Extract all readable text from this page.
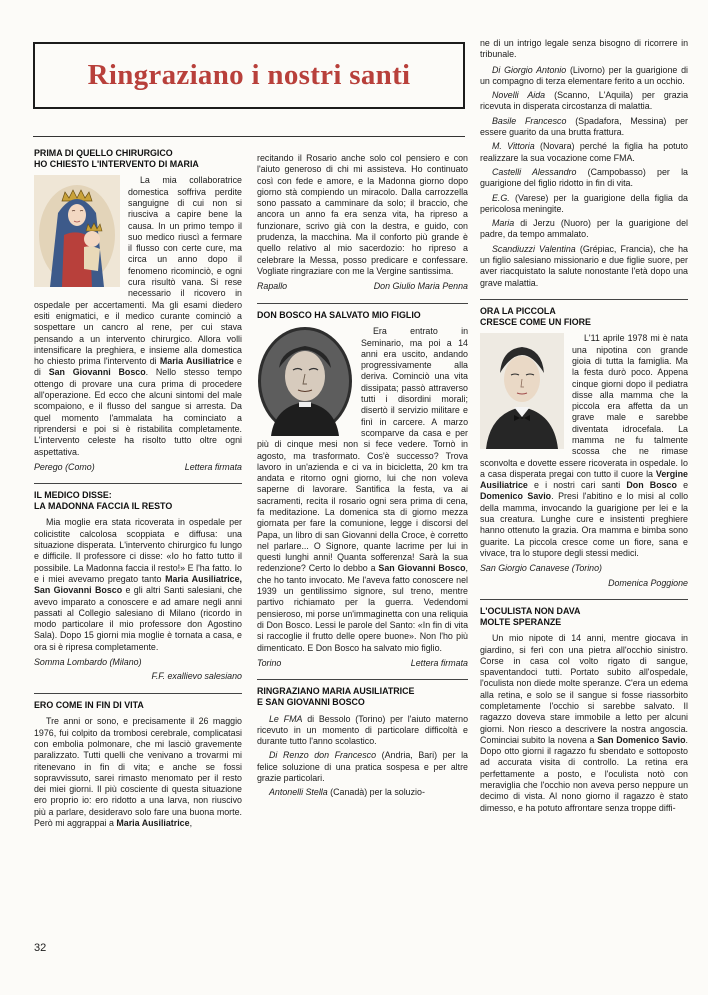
Ringraziano i nostri santi
PRIMA DI QUELLO CHIRURGICO
HO CHIESTO L'INTERVENTO DI MARIA

La mia collaboratrice domestica soffriva perdite sanguigne di cui non si riusciva a capire bene la causa. In un primo tempo il suo medico riuscì a fermare il flusso con certe cure, ma circa un anno dopo il fenomeno ricominciò, e ogni cura risultò vana. Si rese necessario il ricovero in ospedale per accertamenti. Ma gli esami diedero esiti enigmatici, e il medico curante cominciò a sospettare un cancro al rene, per cui stava pensando a un intervento chirurgico. Allora volli intensificare la preghiera, e insieme alla domestica ho chiesto prima l'intervento di Maria Ausiliatrice e di San Giovanni Bosco. Nello stesso tempo ottengo di provare una cura prima di procedere all'operazione. Ed ecco che alcuni sintomi del male scompaiono, e il flusso del sangue si arresta. Da quel momento l'ammalata ha cominciato a riprendersi e poi si è ristabilita completamente. L'intervento celeste ha risolto tutto oltre ogni aspettativa.

Perego (Como)	Lettera firmata
IL MEDICO DISSE:
LA MADONNA FACCIA IL RESTO

Mia moglie era stata ricoverata in ospedale per colicistite calcolosa scoppiata e diffusa: una situazione disperata. L'intervento chirurgico fu lungo e difficile. Il professore ci disse: «Io ho fatto tutto il possibile. La Madonna faccia il resto!» E l'ha fatto. Io e i miei avevamo pregato tanto Maria Ausiliatrice, San Giovanni Bosco e gli altri Santi salesiani, che avevo imparato a conoscere e ad amare negli anni passati al Collegio salesiano di Milano (ricordo in modo particolare il mio professore don Agostino Sala). Dopo 15 giorni mia moglie è tornata a casa, e ora si è ripresa completamente.

Somma Lombardo (Milano)
F.F. exallievo salesiano
ERO COME IN FIN DI VITA

Tre anni or sono, e precisamente il 26 maggio 1976, fui colpito da trombosi cerebrale, complicatasi con embolia polmonare, che mi lasciò gravemente paralizzato. Tutti quelli che venivano a trovarmi mi ritenevano in fin di vita; e anche se fossi sopravvissuto, sarei rimasto menomato per il resto dei miei giorni. Il più cosciente di questa situazione ero proprio io: ero ridotto a una larva, non riuscivo più a parlare, desideravo solo fare una buona morte. Però mi aggrappai a Maria Ausiliatrice,

recitando il Rosario anche solo col pensiero e con l'aiuto generoso di chi mi assisteva. Ho continuato così con fede e amore, e la Madonna giorno dopo giorno stà compiendo un miracolo. Dalla carrozzella sono passato a camminare da solo; il braccio, che ancora un anno fa era senza vita, ha ripreso a funzionare, scrivo già con la destra, e guido, con prudenza, la macchina. Ma il conforto più grande è quello relativo al mio sacerdozio: ho ripreso a celebrare la Messa, posso predicare e confessare. Vogliate ringraziare con me la Vergine santissima.

Rapallo	Don Giulio Maria Penna
DON BOSCO HA SALVATO MIO FIGLIO

Era entrato in Seminario, ma poi a 14 anni era uscito, andando progressivamente alla deriva. Cominciò una vita dissipata; passò attraverso tutti i disordini morali; disertò il servizio militare e finì in carcere. A marzo scomparve da casa e per più di cinque mesi non si fece vedere. Tornò in agosto, ma trasformato. Cos'è successo? Trova lavoro in un'azienda e ci va in bicicletta, 20 km tra andata e ritorno ogni giorno, lui che non voleva saperne di lavorare. Santifica la festa, va ai sacramenti, recita il rosario ogni sera prima di cena, fa meditazione. La domenica sta di giorno mezza giornata per fare la comunione, legge i discorsi del Papa, un libro di san Giovanni della Croce, è corretto nel parlare... O Signore, quante lacrime per lui in questi lunghi anni! Quanta sofferenza! Sarà la sua redenzione? Certo lo debbo a San Giovanni Bosco, che ho tanto invocato. Me l'aveva fatto conoscere nel 1939 un gentilissimo signore, sul treno, mentre partivo richiamato per la guerra. Vedendomi pensieroso, mi porse un'immaginetta con una reliquia di Don Bosco. Lessi le parole del Santo: «In fin di vita si raccoglie il frutto delle opere buone». Non l'ho più dimenticato. E Don Bosco ha salvato mio figlio.

Torino	Lettera firmata
RINGRAZIANO MARIA AUSILIATRICE
E SAN GIOVANNI BOSCO

Le FMA di Bessolo (Torino) per l'aiuto materno ricevuto in un momento di particolare difficoltà e durante tutto l'anno scolastico.

Di Renzo don Francesco (Andria, Bari) per la felice soluzione di una pratica sospesa e per altre grazie particolari.

Antonelli Stella (Canadà) per la soluzio-

ne di un intrigo legale senza bisogno di ricorrere in tribunale.

Di Giorgio Antonio (Livorno) per la guarigione di un compagno di terza elementare ferito a un occhio.

Novelli Aida (Scanno, L'Aquila) per grazia ricevuta in disperata circostanza di malattia.

Basile Francesco (Spadafora, Messina) per essere guarito da una brutta frattura.

M. Vittoria (Novara) perché la figlia ha potuto realizzare la sua vocazione come FMA.

Castelli Alessandro (Campobasso) per la guarigione del figlio ridotto in fin di vita.

E.G. (Varese) per la guarigione della figlia da pericolosa meningite.

Maria di Jerzu (Nuoro) per la guarigione del padre, da tempo ammalato.

Scandiuzzi Valentina (Grépiac, Francia), che ha un figlio salesiano missionario e due figlie suore, per aver riacquistato la salute nonostante l'età dopo una grave malattia.

ORA LA PICCOLA
CRESCE COME UN FIORE

L'11 aprile 1978 mi è nata una nipotina con grande gioia di tutta la famiglia. Ma la festa durò poco. Appena cinque giorni dopo il pediatra disse alla mamma che la piccola era affetta da un grave male e sarebbe diventata idrocefala. La mamma ne fu talmente scossa che ne rimase sconvolta e dovette essere ricoverata in ospedale. Io a casa disperata pregai con tutto il cuore la Vergine Ausiliatrice e i nostri cari santi Don Bosco e Domenico Savio. Presi l'abitino e lo misi al collo della mamma, invocando la guarigione per lei e la sua creatura. Lunghe cure e insistenti preghiere hanno ottenuto la grazia. Ora mamma e bimba sono guarite. La piccola cresce come un fiore, sana e vivace, tra lo stupore degli stessi medici.

San Giorgio Canavese (Torino)
Domenica Poggione
L'OCULISTA NON DAVA
MOLTE SPERANZE

Un mio nipote di 14 anni, mentre giocava in giardino, si ferì con una pietra all'occhio sinistro. Corse in casa col volto rigato di sangue, spaventandoci tutti. Portato subito all'ospedale, l'oculista non diede molte speranze. C'era un edema alla retina, e solo se il sangue si fosse riassorbito completamente l'occhio si sarebbe salvato. Il ragazzo doveva stare immobile a letto per alcuni giorni. Non riesco a descrivere la nostra angoscia. Cominciai subito la novena a San Domenico Savio. Dopo otto giorni il ragazzo fu sbendato e sottoposto ad accurata visita di controllo. La retina era perfettamente a posto, e l'oculista notò con meraviglia che l'occhio non aveva perso neppure un decimo di vista. Al nono giorno il ragazzo è stato dimesso, e ha potuto affrontare senza troppe diffi-

32
